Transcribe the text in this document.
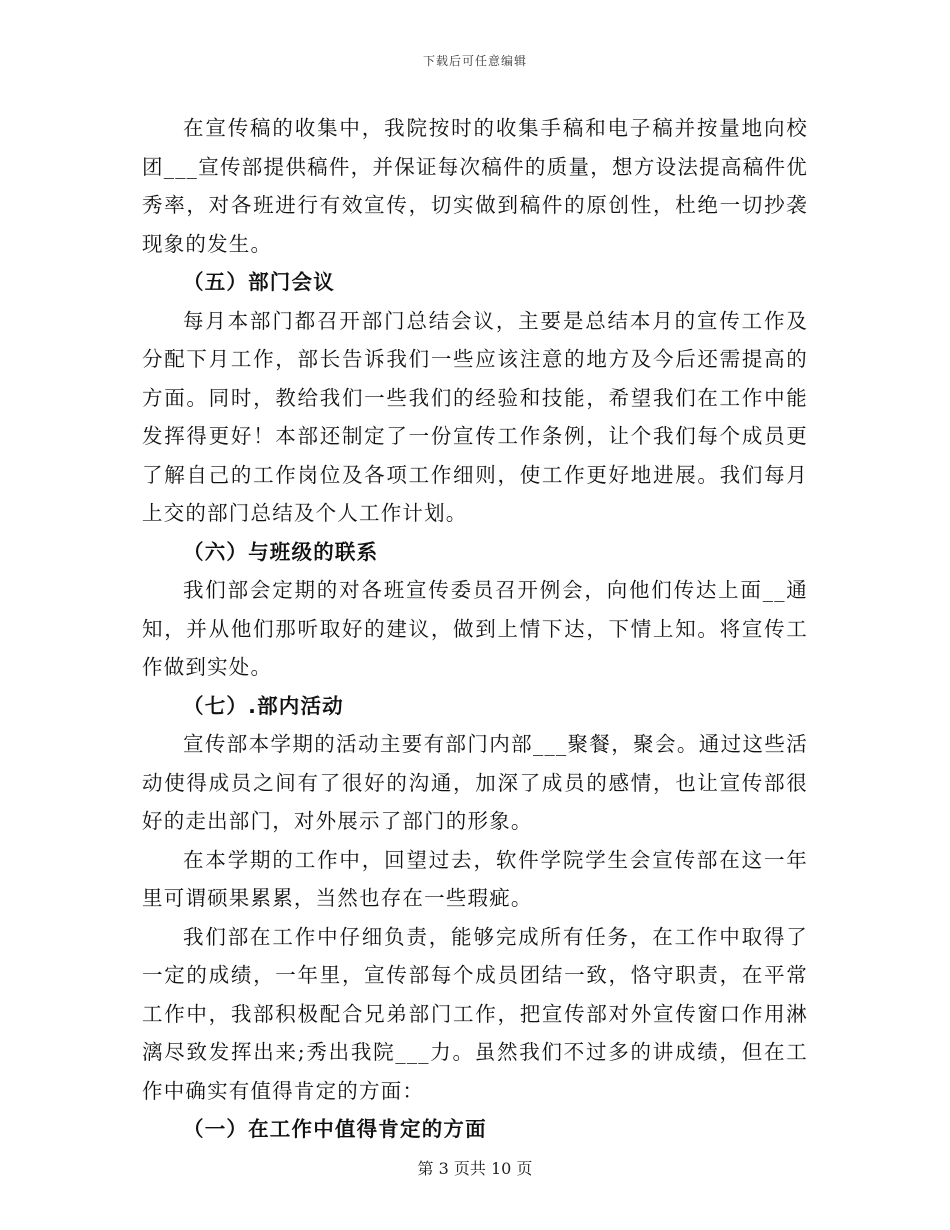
下载后可任意编辑

在宣传稿的收集中，我院按时的收集手稿和电子稿并按量地向校团___宣传部提供稿件，并保证每次稿件的质量，想方设法提高稿件优秀率，对各班进行有效宣传，切实做到稿件的原创性，杜绝一切抄袭现象的发生。

（五）部门会议

每月本部门都召开部门总结会议，主要是总结本月的宣传工作及分配下月工作，部长告诉我们一些应该注意的地方及今后还需提高的方面。同时，教给我们一些我们的经验和技能，希望我们在工作中能发挥得更好！本部还制定了一份宣传工作条例，让个我们每个成员更了解自己的工作岗位及各项工作细则，使工作更好地进展。我们每月上交的部门总结及个人工作计划。

（六）与班级的联系

我们部会定期的对各班宣传委员召开例会，向他们传达上面__通知，并从他们那听取好的建议，做到上情下达，下情上知。将宣传工作做到实处。

（七）.部内活动

宣传部本学期的活动主要有部门内部___聚餐，聚会。通过这些活动使得成员之间有了很好的沟通，加深了成员的感情，也让宣传部很好的走出部门，对外展示了部门的形象。

在本学期的工作中，回望过去，软件学院学生会宣传部在这一年里可谓硕果累累，当然也存在一些瑕疵。

我们部在工作中仔细负责，能够完成所有任务，在工作中取得了一定的成绩，一年里，宣传部每个成员团结一致，恪守职责，在平常工作中，我部积极配合兄弟部门工作，把宣传部对外宣传窗口作用淋漓尽致发挥出来;秀出我院___力。虽然我们不过多的讲成绩，但在工作中确实有值得肯定的方面：

（一）在工作中值得肯定的方面

第 3 页共 10 页
